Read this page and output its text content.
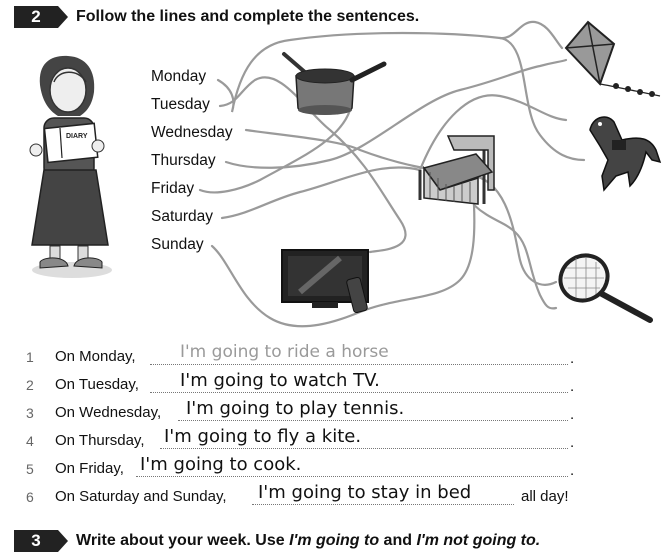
2 Follow the lines and complete the sentences.
Monday
Tuesday
Wednesday
Thursday
Friday
Saturday
Sunday
DIARY
1 On Monday,	I'm going to ride a horse	.
2 On Tuesday, I'm going to watch TV.	.
3 On Wednesday, I'm going to play tennis.	.
4 On Thursday, I'm going to fly a kite.	.
5 On Friday, I'm going to cook.	.
6 On Saturday and Sunday, I'm going to stay in bed	all day!
3 Write about your week. Use I'm going to and I'm not going to.
